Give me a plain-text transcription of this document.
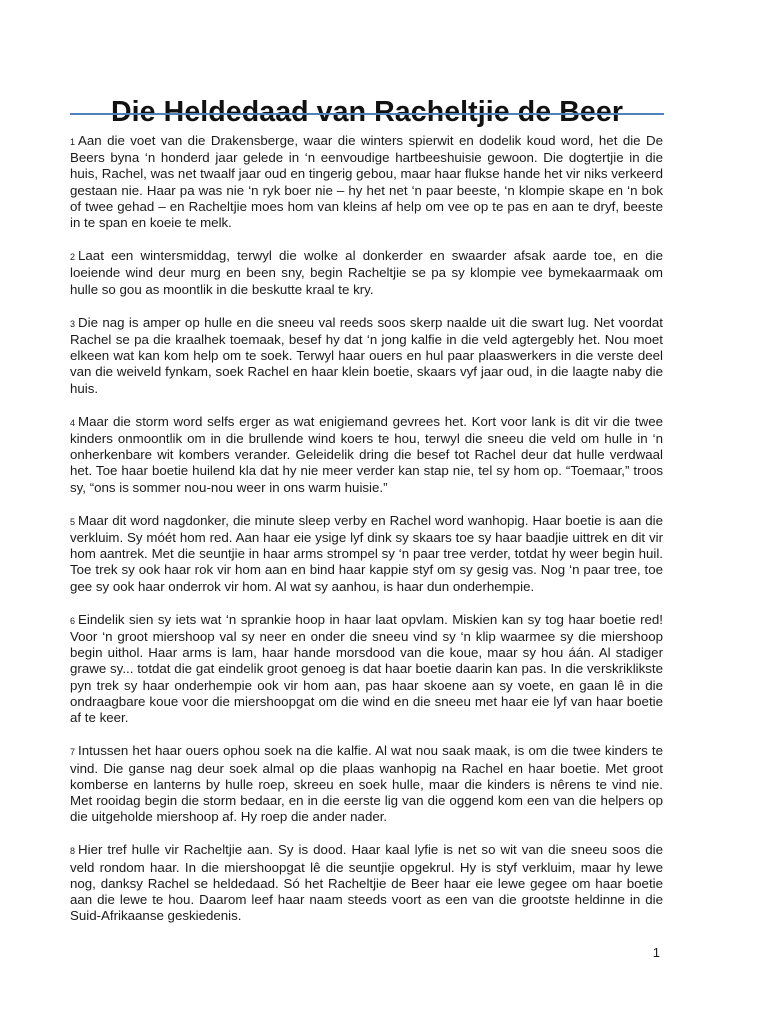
Die Heldedaad van Racheltjie de Beer

1 Aan die voet van die Drakensberge, waar die winters spierwit en dodelik koud word, het die De Beers byna ‘n honderd jaar gelede in ‘n eenvoudige hartbeeshuisie gewoon. Die dogtertjie in die huis, Rachel, was net twaalf jaar oud en tingerig gebou, maar haar flukse hande het vir niks verkeerd gestaan nie. Haar pa was nie ‘n ryk boer nie – hy het net ‘n paar beeste, ‘n klompie skape en ‘n bok of twee gehad – en Racheltjie moes hom van kleins af help om vee op te pas en aan te dryf, beeste in te span en koeie te melk.

2 Laat een wintersmiddag, terwyl die wolke al donkerder en swaarder afsak aarde toe, en die loeiende wind deur murg en been sny, begin Racheltjie se pa sy klompie vee bymekaarmaak om hulle so gou as moontlik in die beskutte kraal te kry.

3 Die nag is amper op hulle en die sneeu val reeds soos skerp naalde uit die swart lug. Net voordat Rachel se pa die kraalhek toemaak, besef hy dat ‘n jong kalfie in die veld agtergebly het. Nou moet elkeen wat kan kom help om te soek. Terwyl haar ouers en hul paar plaaswerkers in die verste deel van die weiveld fynkam, soek Rachel en haar klein boetie, skaars vyf jaar oud, in die laagte naby die huis.

4 Maar die storm word selfs erger as wat enigiemand gevrees het. Kort voor lank is dit vir die twee kinders onmoontlik om in die brullende wind koers te hou, terwyl die sneeu die veld om hulle in ‘n onherkenbare wit kombers verander. Geleidelik dring die besef tot Rachel deur dat hulle verdwaal het. Toe haar boetie huilend kla dat hy nie meer verder kan stap nie, tel sy hom op. “Toemaar,” troos sy, “ons is sommer nou-nou weer in ons warm huisie.”

5 Maar dit word nagdonker, die minute sleep verby en Rachel word wanhopig. Haar boetie is aan die verkluim. Sy móét hom red. Aan haar eie ysige lyf dink sy skaars toe sy haar baadjie uittrek en dit vir hom aantrek. Met die seuntjie in haar arms strompel sy ‘n paar tree verder, totdat hy weer begin huil. Toe trek sy ook haar rok vir hom aan en bind haar kappie styf om sy gesig vas. Nog ‘n paar tree, toe gee sy ook haar onderrok vir hom. Al wat sy aanhou, is haar dun onderhempie.

6 Eindelik sien sy iets wat ‘n sprankie hoop in haar laat opvlam. Miskien kan sy tog haar boetie red! Voor ‘n groot miershoop val sy neer en onder die sneeu vind sy ‘n klip waarmee sy die miershoop begin uithol. Haar arms is lam, haar hande morsdood van die koue, maar sy hou áán. Al stadiger grawe sy... totdat die gat eindelik groot genoeg is dat haar boetie daarin kan pas. In die verskriklikste pyn trek sy haar onderhempie ook vir hom aan, pas haar skoene aan sy voete, en gaan lê in die ondraagbare koue voor die miershoopgat om die wind en die sneeu met haar eie lyf van haar boetie af te keer.

7 Intussen het haar ouers ophou soek na die kalfie. Al wat nou saak maak, is om die twee kinders te vind. Die ganse nag deur soek almal op die plaas wanhopig na Rachel en haar boetie. Met groot komberse en lanterns by hulle roep, skreeu en soek hulle, maar die kinders is nêrens te vind nie. Met rooidag begin die storm bedaar, en in die eerste lig van die oggend kom een van die helpers op die uitgeholde miershoop af. Hy roep die ander nader.

8 Hier tref hulle vir Racheltjie aan. Sy is dood. Haar kaal lyfie is net so wit van die sneeu soos die veld rondom haar. In die miershoopgat lê die seuntjie opgekrul. Hy is styf verkluim, maar hy lewe nog, danksy Rachel se heldedaad. Só het Racheltjie de Beer haar eie lewe gegee om haar boetie aan die lewe te hou. Daarom leef haar naam steeds voort as een van die grootste heldinne in die Suid-Afrikaanse geskiedenis.

1
